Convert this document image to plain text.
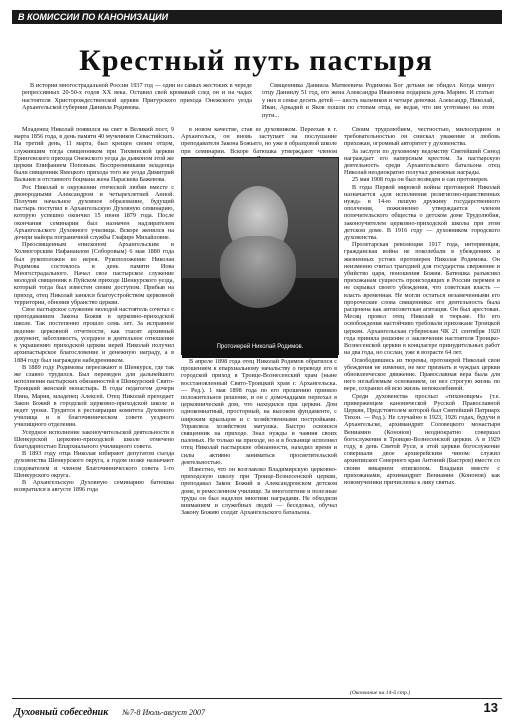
В КОМИССИИ ПО КАНОНИЗАЦИИ
Крестный путь пастыря
В истории многострадальной России 1937 год — один из самых жестоких в череде репрессивных 20-50-х годов XX века. Оставил свой кровавый след он и на чадах настоятеля Христорождественской церкви Пригурского прихода Онежского уезда Архангельской губернии Даниила Родимова.
Священника Даниила Матвеевича Родимова Бог детьми не обидел. Когда минул отцу Даниилу 51 год, его жена Александра Ивановна подарила дочь Марию. И статью у них в семье десять детей — шесть мальчиков и четыре девочки. Александр, Николай, Иван, Аркадий и Яков пошли по стопам отца, не ведая, что им уготовано на этом пути...

Младенец Николай появился на свет в Великий пост, 9 марта 1856 года, в день памяти 40 мучеников Севастийских. На третий день, 11 марта, был крещен своим отцом, служившим тогда священником при Тихвинской церкви Ерингевского прихода Онежского уезда да дьяконом этой же церкви Епифанием Поповым. Воспреемниками младенца были священник Ямецкого прихода того же уезда Димитрий Вальнев и отставного боцмана жена Параскева Бажевова.

Рос Николай в окружении отеческой любви вместе с двоюродными Александром и четырехлетней Анной. Получив начальное духовное образование, будущий пастырь поступил в Архангельскую Духовную семинарию, которую успешно окончил 15 июня 1879 года. После окончания семинарии был назначен надзирателем Архангельского Духовного училища. Вскоре женился на дочери майора пограничной службы Глафире Михайловне.

Преосвященным епископом Архангельским и Холмогорским Нафанаилом (Соборовым) 6 мая 1880 года был рукоположен во иерея. Рукоположение Николая Родимова состоялось в день памяти Иова Многострадального. Начал свое пастырское служение молодой священник в Пуйском приходе Шенкурского уезда, который тогда был известен своим доступом. Прибыв на приход, отец Николай занялся благоустройством церковной территории, обновив убранство церкви.

Свое пастырское служение молодой настоятель сочетал с преподаванием Закона Божия в церковно-приходской школе. Так постепенно прошло семь лет. За исправное ведение церковной отчетности, как гласит архивный документ, заботливость, усердное и деятельное отношение к украшению приходской церкви иерей Николай получил архипастырское благословение и денежную награду, а в 1884 году был награжден набедренником.

В 1889 году Родимовы переезжают в Шенкурск, где так же славно трудился. Был переведен для дальнейшего исполнения пастырских обязанностей в Шенкурский Свято-Троицкий женский монастырь. В годы педагогом дочери Нина, Мария, младенец Алексей. Отец Николай преподает Закон Божий в городской церковно-приходской школе и ведет уроки. Трудится в реставрации комитета Духовного училища и в благочинническом совете уездного училищного отделения.

Усердное исполнение законоучительской деятельности в Шенкурской церковно-приходской школе отмечено благодарностью Епархиального училищного совета.

В 1893 году отца Николая избирают депутатом съезда духовенства Шенкурского округа, а годом позже назначают следователем и членом Благочиннического совета 1-го Шенкурского округа.

В Архангельскую Духовную семинарию батюшка возвратился в августе 1896 года

в новом качестве, став ее духовником. Переехав в г. Архангельск, он вновь заступает на послушание преподавателя Закона Божьего, но уже в образцовой школе при семинарии. Вскоре батюшка утверждают членом

Протоиерей Николай Родимов.

В апреле 1898 года отец Николай Родимов обратился с прошением к епархиальному начальству о переводе его в городской приход в Троице-Вознесенский храм (ныне восстановленный Свято-Троицкий храм г. Архангельска. — Ред.). 1 мая 1898 года по его прошению приняло положительное решение, и он с домочадцами переехал в церковнический дом, что находился при церкви. Дом однокомнатный, просторный, на высоком фундаменте, с широким крыльцом и с хозяйственными постройками. Управляла хозяйством матушка. Быстро освоился священник на приходе. Знал нужды и чаяния своих паломых. Не только на приходе, но и в больнице исполнял отец Николай пастырские обязанности, находил время и силы активно заниматься просветительской деятельностью.

Известно, что он возглавлял Владимирскую церковно-приходскую школу при Троице-Вознесенской церкви, преподавал Закон Божий в Александровском детском доме, в ремесленном училище. За многолетние и полезные труды он был наделен многими наградами. Не обходили вниманием и служебных людей — беседовал, обучал Закону Божию солдат Архангельского батальона.

Своим трудолюбием, честностью, милосердием и требовательностью он снискал уважение и любовь прихожан, огромный авторитет у духовенства.

За заслуги по духовному ведомству Святейший Синод награждает его наперсным крестом. За пастырскую деятельность среди Архангельского батальона отец Николай неоднократно получал денежные награды.

25 мая 1908 года он был возведен в сан протоиерея.

В годы Первой мировой войны протоиерей Николай назначается «для исполнения религиозно-нравственных нужд» в 14-ю пешую дружину государственного ополчения, пожизненно утверждается членом попечительского общества о детском доме Трудолюбия, законоучителем церковно-приходской школы при этом детском доме. В 1916 году — духовником городского духовенства.

Пролетарская революция 1917 года, интервенция, гражданская война не поколебали в убеждениях и жизненных устоях протоиерея Николая Родимова. Он неизменно считал трагедией для государства свержение и убийство царя, поношения Божия. Батюшка разъяснял прихожанам сущность происходящих в России перемен и не скрывал своего убеждения, что советская власть — власть временная. Не могли остаться незамеченными его пророческие слова священника: его деятельность была расценена как антисоветская агитация. Он был арестован. Месяц провел отец Николай в тюрьме. Но его освобождения настойчиво требовали прихожане Троицкой церкви. Архангельская губернская ЧК 21 сентября 1920 года приняла решение о заключении настоятеля Троицко-Вознесенской церкви в концлагере принудительных работ на два года, но сослан, уже в возрасте 64 лет.

Освободившись из тюремы, протоиерей Николай свои убеждения не изменил, не мог признать и чуждых церкви обновленческое движение. Православная вера была для него незыблемым основанием, он вел строгую жизнь по вере, сохранил ей всю жизнь непоколебимой.

Среди духовенства прослыл «тихоновцем» (т.е. приверженцем канонической Русской Православной Церкви, Предстоятелем которой был Святейший Патриарх Тихон. — Ред.). Не случайно в 1923, 1926 годах, будучи в Архангельске, архимандрит Соловецкого монастыря Вениамин (Кононов) неоднократно совершал богослужения в Троицко-Вознесенской церкви. А в 1929 году, в день Святой Руси, в этой церкви богослужение совершали двое архиерейским чином: служил архиепископ Северного края Антоний (Быстров) вместе со своим викарием епископом. Владыки вместе с прихожанами, архимандрит Вениамин (Кононов) как новомученики причислены к лику святых.

(Окончание на 14-й стр.)
Духовный собеседник №7-8 Июль-август 2007	13
